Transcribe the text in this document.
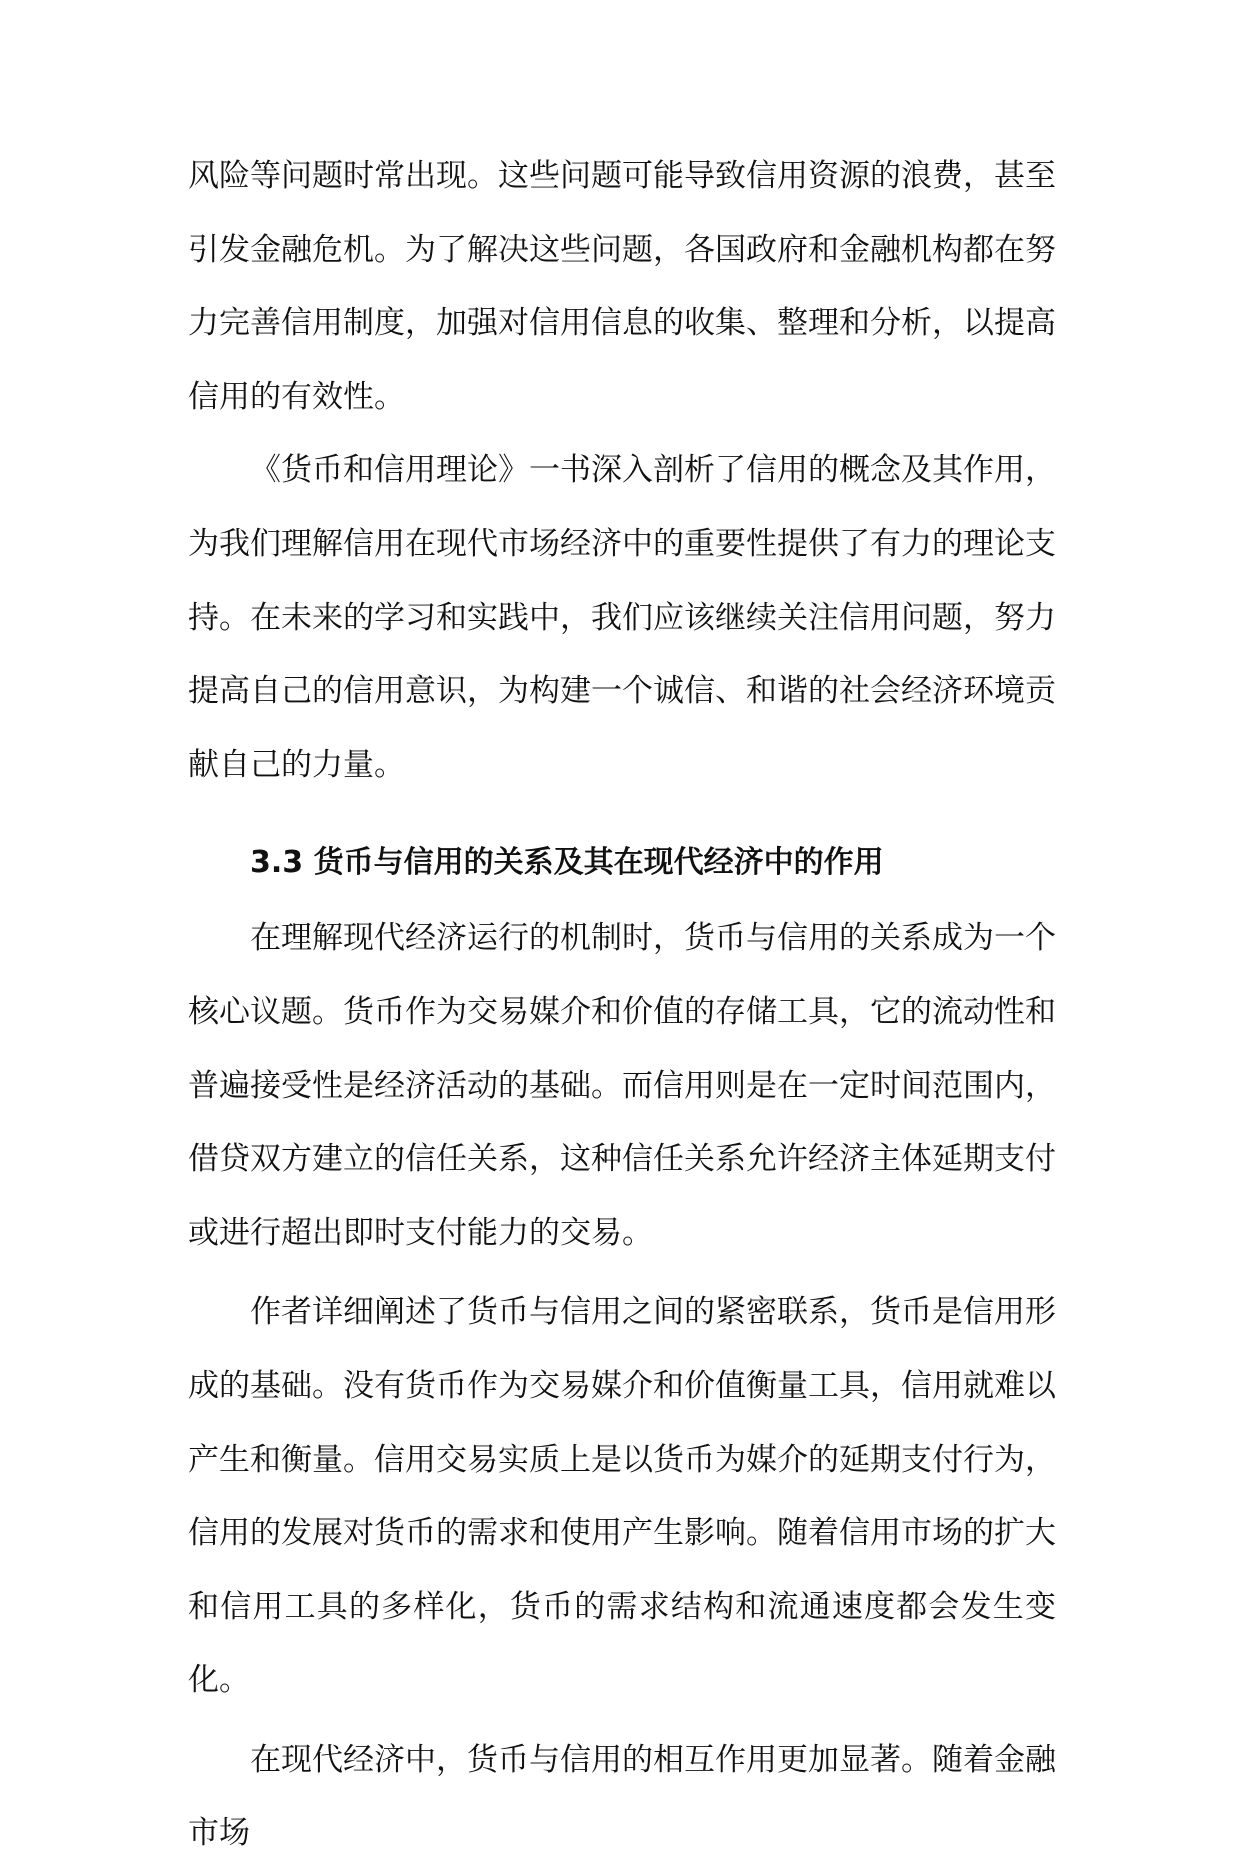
风险等问题时常出现。这些问题可能导致信用资源的浪费，甚至引发金融危机。为了解决这些问题，各国政府和金融机构都在努力完善信用制度，加强对信用信息的收集、整理和分析，以提高信用的有效性。

《货币和信用理论》一书深入剖析了信用的概念及其作用，为我们理解信用在现代市场经济中的重要性提供了有力的理论支持。在未来的学习和实践中，我们应该继续关注信用问题，努力提高自己的信用意识，为构建一个诚信、和谐的社会经济环境贡献自己的力量。

3.3 货币与信用的关系及其在现代经济中的作用

在理解现代经济运行的机制时，货币与信用的关系成为一个核心议题。货币作为交易媒介和价值的存储工具，它的流动性和普遍接受性是经济活动的基础。而信用则是在一定时间范围内，借贷双方建立的信任关系，这种信任关系允许经济主体延期支付或进行超出即时支付能力的交易。

作者详细阐述了货币与信用之间的紧密联系，货币是信用形成的基础。没有货币作为交易媒介和价值衡量工具，信用就难以产生和衡量。信用交易实质上是以货币为媒介的延期支付行为，信用的发展对货币的需求和使用产生影响。随着信用市场的扩大和信用工具的多样化，货币的需求结构和流通速度都会发生变化。

在现代经济中，货币与信用的相互作用更加显著。随着金融市场
